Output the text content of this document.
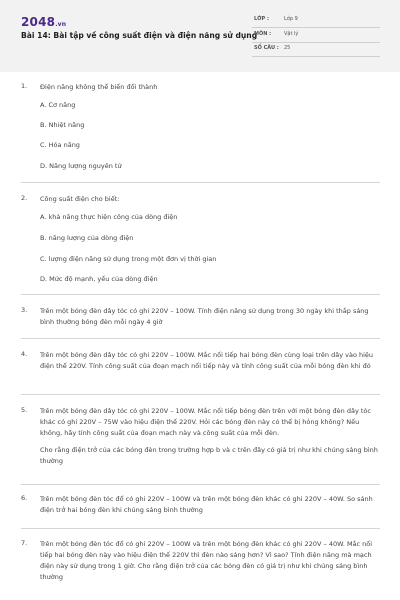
2048.vn
Bài 14: Bài tập về công suất điện và điện năng sử dụng
LỚP :	Lớp 9
MÔN :	Vật lý
SỐ CÂU : 25
1. Điện năng không thể biến đổi thành
A. Cơ năng
B. Nhiệt năng
C. Hóa năng
D. Năng lượng nguyên tử
2. Công suất điện cho biết:
A. khả năng thực hiện công của dòng điện
B. năng lượng của dòng điện
C. lượng điện năng sử dụng trong một đơn vị thời gian
D. Mức độ mạnh, yếu của dòng điện
3. Trên một bóng đèn dây tóc có ghi 220V – 100W. Tính điện năng sử dụng trong 30 ngày khi thắp sáng bình thường bóng đèn mỗi ngày 4 giờ
4. Trên một bóng đèn dây tóc có ghi 220V – 100W. Mắc nối tiếp hai bóng đèn cùng loại trên dây vào hiệu điện thế 220V. Tính công suất của đoạn mạch nối tiếp này và tính công suất của mỗi bóng đèn khi đó
5. Trên một bóng đèn dây tóc có ghi 220V – 100W. Mắc nối tiếp bóng đèn trên với một bóng đèn dây tóc khác có ghi 220V – 75W vào hiệu điện thế 220V. Hỏi các bóng đèn này có thể bị hỏng không? Nếu không, hãy tính công suất của đoạn mạch này và công suất của mỗi đèn.

Cho rằng điện trở của các bóng đèn trong trường hợp b và c trên đây có giá trị như khi chúng sáng bình thường

6. Trên một bóng đèn tóc đổ có ghi 220V – 100W và trên một bóng đèn khác có ghi 220V – 40W. So sánh điện trở hai bóng đèn khi chúng sáng bình thường
7. Trên một bóng đèn tóc đổ có ghi 220V – 100W và trên một bóng đèn khác có ghi 220V – 40W. Mắc nối tiếp hai bóng đèn này vào hiệu điện thế 220V thì đèn nào sáng hơn? Vì sao? Tính điện năng mà mạch điện này sử dụng trong 1 giờ. Cho rằng điện trở của các bóng đèn có giá trị như khi chúng sáng bình thường
